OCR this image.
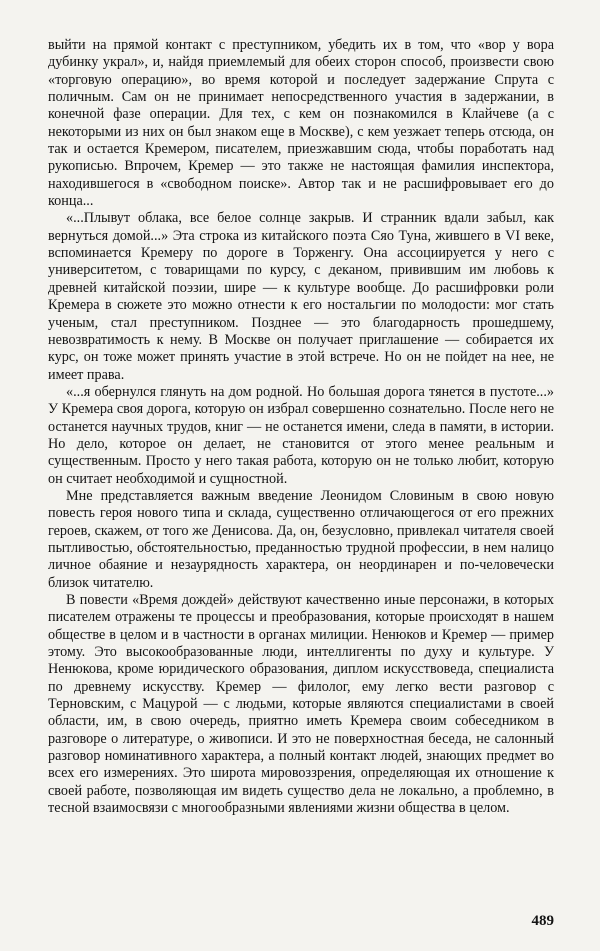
выйти на прямой контакт с преступником, убедить их в том, что «вор у вора дубинку украл», и, найдя приемлемый для обеих сторон способ, произвести свою «торговую операцию», во время которой и последует задержание Спрута с поличным. Сам он не принимает непосредственного участия в задержании, в конечной фазе операции. Для тех, с кем он познакомился в Клайчеве (а с некоторыми из них он был знаком еще в Москве), с кем уезжает теперь отсюда, он так и остается Кремером, писателем, приезжавшим сюда, чтобы поработать над рукописью. Впрочем, Кремер — это также не настоящая фамилия инспектора, находившегося в «свободном поиске». Автор так и не расшифровывает его до конца...

«...Плывут облака, все белое солнце закрыв. И странник вдали забыл, как вернуться домой...» Эта строка из китайского поэта Сяо Туна, жившего в VI веке, вспоминается Кремеру по дороге в Торженгу. Она ассоциируется у него с университетом, с товарищами по курсу, с деканом, привившим им любовь к древней китайской поэзии, шире — к культуре вообще. До расшифровки роли Кремера в сюжете это можно отнести к его ностальгии по молодости: мог стать ученым, стал преступником. Позднее — это благодарность прошедшему, невозвратимость к нему. В Москве он получает приглашение — собирается их курс, он тоже может принять участие в этой встрече. Но он не пойдет на нее, не имеет права.

«...я обернулся глянуть на дом родной. Но большая дорога тянется в пустоте...» У Кремера своя дорога, которую он избрал совершенно сознательно. После него не останется научных трудов, книг — не останется имени, следа в памяти, в истории. Но дело, которое он делает, не становится от этого менее реальным и существенным. Просто у него такая работа, которую он не только любит, которую он считает необходимой и сущностной.

Мне представляется важным введение Леонидом Словиным в свою новую повесть героя нового типа и склада, существенно отличающегося от его прежних героев, скажем, от того же Денисова. Да, он, безусловно, привлекал читателя своей пытливостью, обстоятельностью, преданностью трудной профессии, в нем налицо личное обаяние и незаурядность характера, он неординарен и по-человечески близок читателю.

В повести «Время дождей» действуют качественно иные персонажи, в которых писателем отражены те процессы и преобразования, которые происходят в нашем обществе в целом и в частности в органах милиции. Ненюков и Кремер — пример этому. Это высокообразованные люди, интеллигенты по духу и культуре. У Ненюкова, кроме юридического образования, диплом искусствоведа, специалиста по древнему искусству. Кремер — филолог, ему легко вести разговор с Терновским, с Мацурой — с людьми, которые являются специалистами в своей области, им, в свою очередь, приятно иметь Кремера своим собеседником в разговоре о литературе, о живописи. И это не поверхностная беседа, не салонный разговор номинативного характера, а полный контакт людей, знающих предмет во всех его измерениях. Это широта мировоззрения, определяющая их отношение к своей работе, позволяющая им видеть существо дела не локально, а проблемно, в тесной взаимосвязи с многообразными явлениями жизни общества в целом.

489
